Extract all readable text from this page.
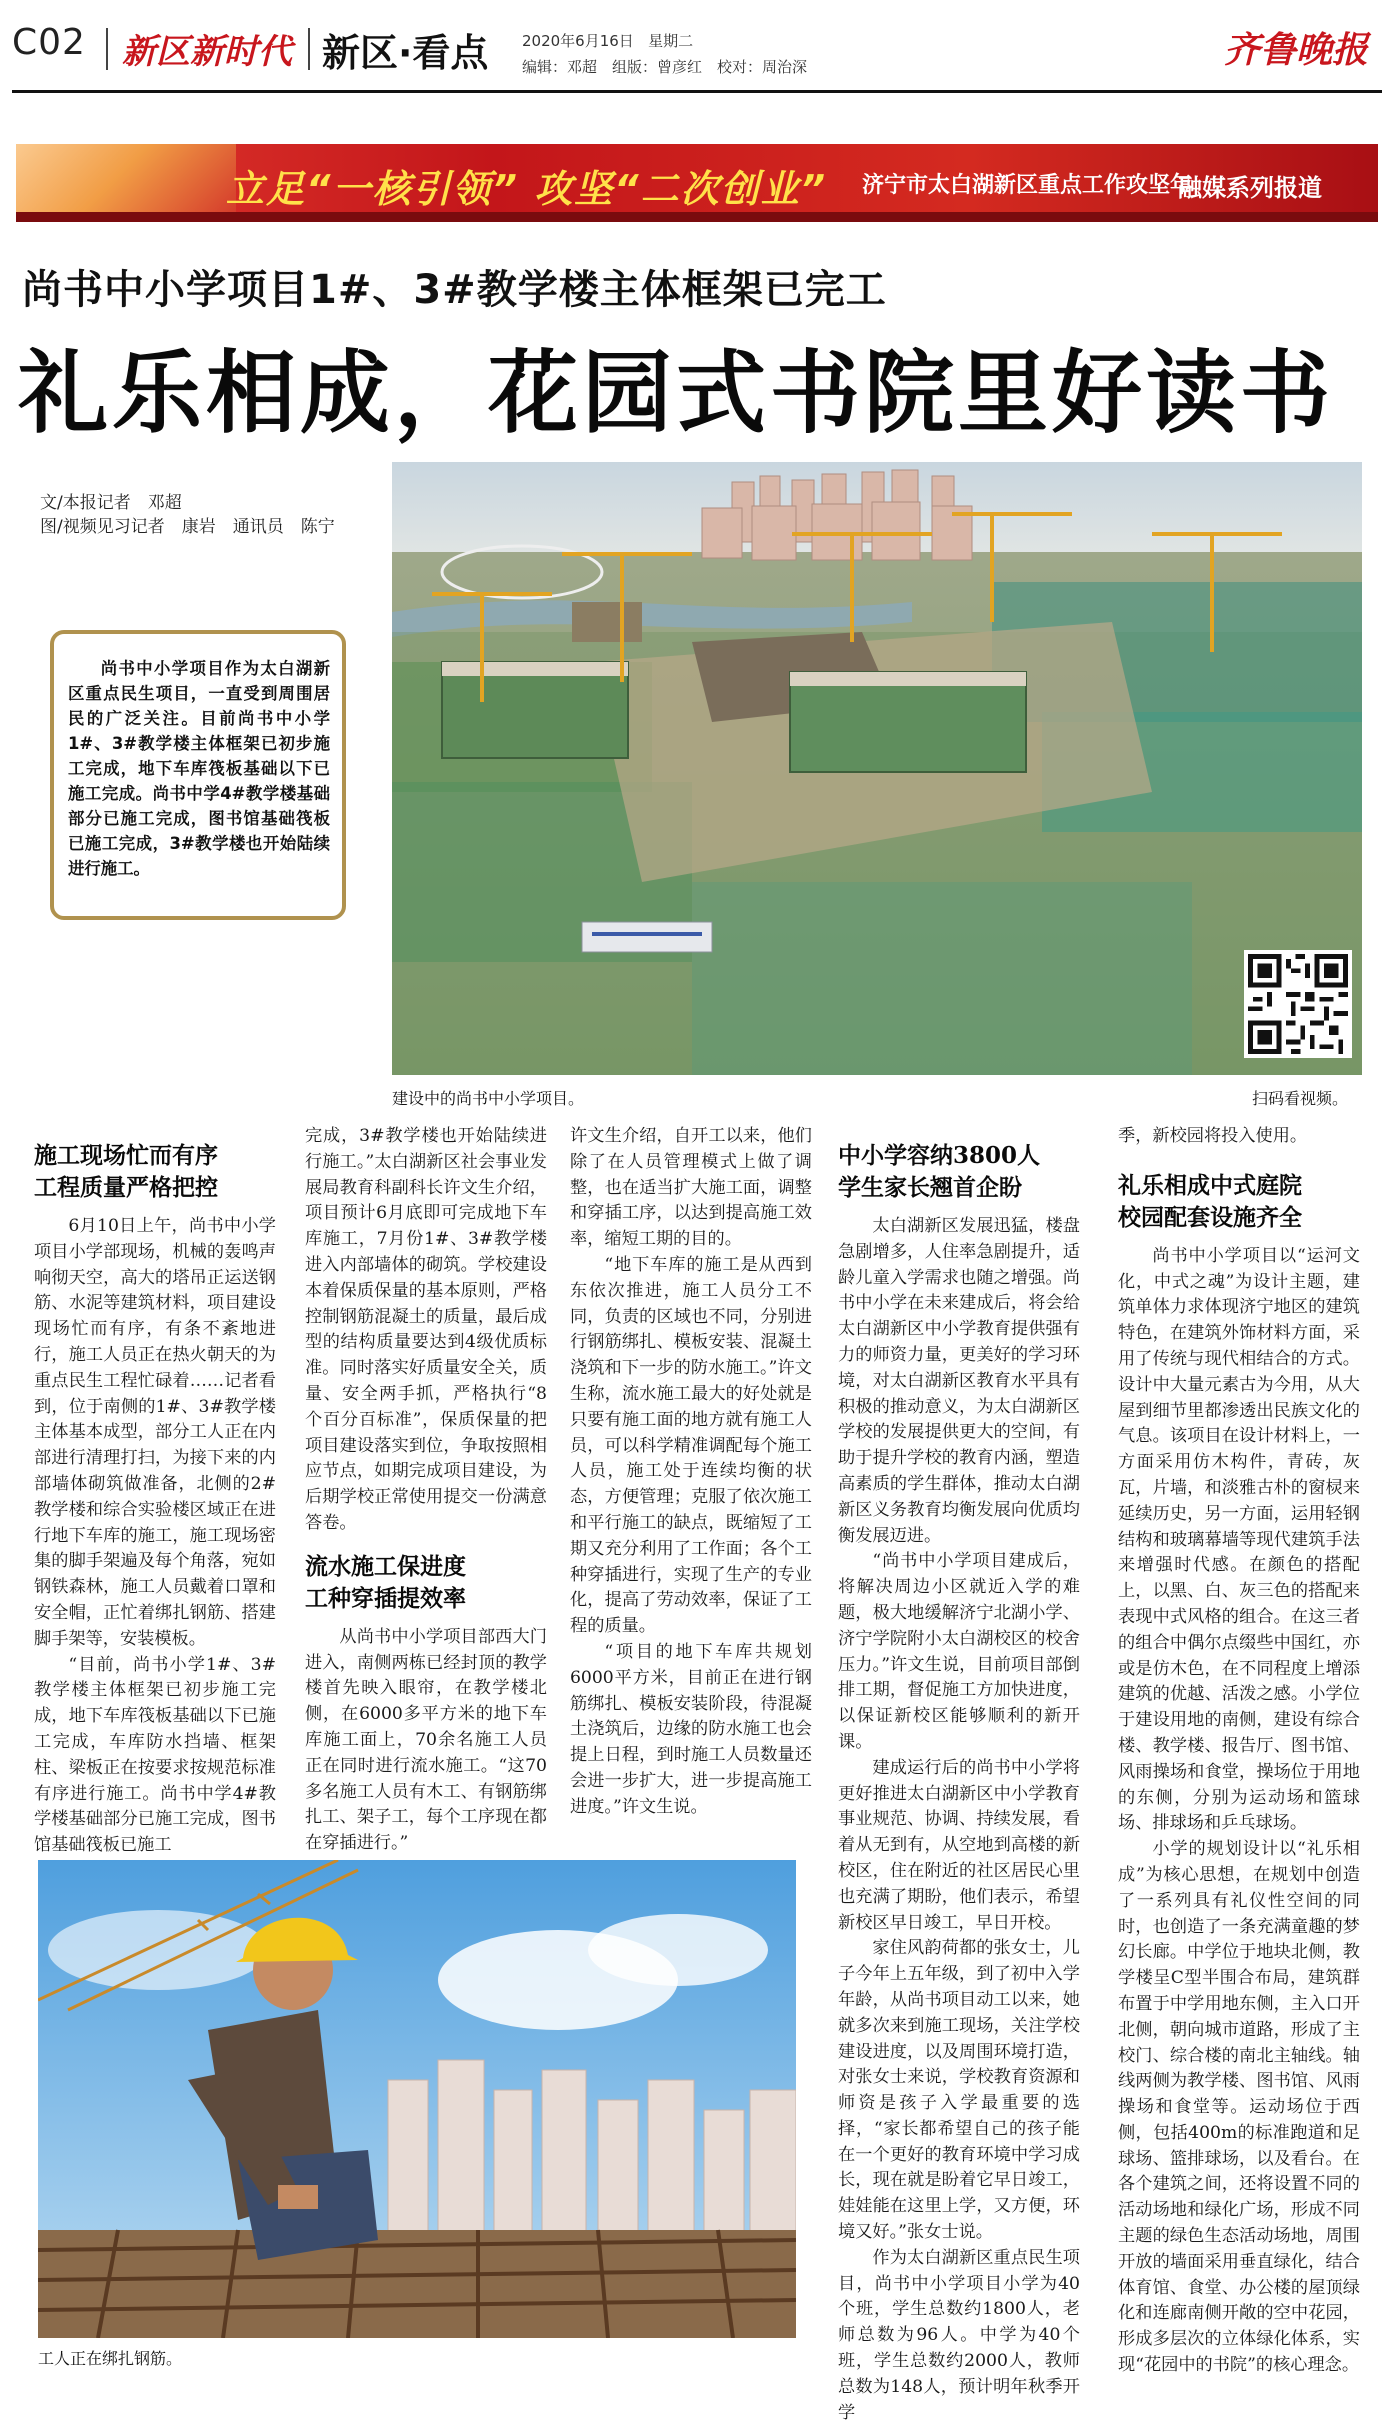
C02 新区新时代 新区·看点 2020年6月16日 星期二
编辑：邓超　组版：曾彦红　校对：周治深	齐鲁晚报
立足“一核引领” 攻坚“二次创业” 济宁市太白湖新区重点工作攻坚年
融媒系列报道
尚书中小学项目1#、3#教学楼主体框架已完工
礼乐相成，花园式书院里好读书
文/本报记者　邓超
图/视频见习记者　康岩　通讯员　陈宁
尚书中小学项目作为太白湖新区重点民生项目，一直受到周围居民的广泛关注。目前尚书中小学1#、3#教学楼主体框架已初步施工完成，地下车库筏板基础以下已施工完成。尚书中学4#教学楼基础部分已施工完成，图书馆基础筏板已施工完成，3#教学楼也开始陆续进行施工。
建设中的尚书中小学项目。	扫码看视频。
施工现场忙而有序
工程质量严格把控

6月10日上午，尚书中小学项目小学部现场，机械的轰鸣声响彻天空，高大的塔吊正运送钢筋、水泥等建筑材料，项目建设现场忙而有序，有条不紊地进行，施工人员正在热火朝天的为重点民生工程忙碌着……记者看到，位于南侧的1#、3#教学楼主体基本成型，部分工人正在内部进行清理打扫，为接下来的内部墙体砌筑做准备，北侧的2#教学楼和综合实验楼区域正在进行地下车库的施工，施工现场密集的脚手架遍及每个角落，宛如钢铁森林，施工人员戴着口罩和安全帽，正忙着绑扎钢筋、搭建脚手架等，安装模板。

“目前，尚书小学1#、3#教学楼主体框架已初步施工完成，地下车库筏板基础以下已施工完成，车库防水挡墙、框架柱、梁板正在按要求按规范标准有序进行施工。尚书中学4#教学楼基础部分已施工完成，图书馆基础筏板已施工

完成，3#教学楼也开始陆续进行施工。”太白湖新区社会事业发展局教育科副科长许文生介绍，项目预计6月底即可完成地下车库施工，7月份1#、3#教学楼进入内部墙体的砌筑。学校建设本着保质保量的基本原则，严格控制钢筋混凝土的质量，最后成型的结构质量要达到4级优质标准。同时落实好质量安全关，质量、安全两手抓，严格执行“8个百分百标准”，保质保量的把项目建设落实到位，争取按照相应节点，如期完成项目建设，为后期学校正常使用提交一份满意答卷。

流水施工保进度
工种穿插提效率

从尚书中小学项目部西大门进入，南侧两栋已经封顶的教学楼首先映入眼帘，在教学楼北侧，在6000多平方米的地下车库施工面上，70余名施工人员正在同时进行流水施工。“这70多名施工人员有木工、有钢筋绑扎工、架子工，每个工序现在都在穿插进行。”

许文生介绍，自开工以来，他们除了在人员管理模式上做了调整，也在适当扩大施工面，调整和穿插工序，以达到提高施工效率，缩短工期的目的。

“地下车库的施工是从西到东依次推进，施工人员分工不同，负责的区域也不同，分别进行钢筋绑扎、模板安装、混凝土浇筑和下一步的防水施工。”许文生称，流水施工最大的好处就是只要有施工面的地方就有施工人员，可以科学精准调配每个施工人员，施工处于连续均衡的状态，方便管理；克服了依次施工和平行施工的缺点，既缩短了工期又充分利用了工作面；各个工种穿插进行，实现了生产的专业化，提高了劳动效率，保证了工程的质量。

“项目的地下车库共规划6000平方米，目前正在进行钢筋绑扎、模板安装阶段，待混凝土浇筑后，边缘的防水施工也会提上日程，到时施工人员数量还会进一步扩大，进一步提高施工进度。”许文生说。

工人正在绑扎钢筋。
中小学容纳3800人
学生家长翘首企盼

太白湖新区发展迅猛，楼盘急剧增多，人住率急剧提升，适龄儿童入学需求也随之增强。尚书中小学在未来建成后，将会给太白湖新区中小学教育提供强有力的师资力量，更美好的学习环境，对太白湖新区教育水平具有积极的推动意义，为太白湖新区学校的发展提供更大的空间，有助于提升学校的教育内涵，塑造高素质的学生群体，推动太白湖新区义务教育均衡发展向优质均衡发展迈进。

“尚书中小学项目建成后，将解决周边小区就近入学的难题，极大地缓解济宁北湖小学、济宁学院附小太白湖校区的校舍压力。”许文生说，目前项目部倒排工期，督促施工方加快进度，以保证新校区能够顺利的新开课。

建成运行后的尚书中小学将更好推进太白湖新区中小学教育事业规范、协调、持续发展，看着从无到有，从空地到高楼的新校区，住在附近的社区居民心里也充满了期盼，他们表示，希望新校区早日竣工，早日开校。

家住风韵荷都的张女士，儿子今年上五年级，到了初中入学年龄，从尚书项目动工以来，她就多次来到施工现场，关注学校建设进度，以及周围环境打造，对张女士来说，学校教育资源和师资是孩子入学最重要的选择，“家长都希望自己的孩子能在一个更好的教育环境中学习成长，现在就是盼着它早日竣工，娃娃能在这里上学，又方便，环境又好。”张女士说。

作为太白湖新区重点民生项目，尚书中小学项目小学为40个班，学生总数约1800人，老师总数为96人。中学为40个班，学生总数约2000人，教师总数为148人，预计明年秋季开学

季，新校园将投入使用。

礼乐相成中式庭院
校园配套设施齐全

尚书中小学项目以“运河文化，中式之魂”为设计主题，建筑单体力求体现济宁地区的建筑特色，在建筑外饰材料方面，采用了传统与现代相结合的方式。设计中大量元素古为今用，从大屋到细节里都渗透出民族文化的气息。该项目在设计材料上，一方面采用仿木构件，青砖，灰瓦，片墙，和淡雅古朴的窗棂来延续历史，另一方面，运用轻钢结构和玻璃幕墙等现代建筑手法来增强时代感。在颜色的搭配上，以黑、白、灰三色的搭配来表现中式风格的组合。在这三者的组合中偶尔点缀些中国红，亦或是仿木色，在不同程度上增添建筑的优越、活泼之感。小学位于建设用地的南侧，建设有综合楼、教学楼、报告厅、图书馆、风雨操场和食堂，操场位于用地的东侧，分别为运动场和篮球场、排球场和乒乓球场。

小学的规划设计以“礼乐相成”为核心思想，在规划中创造了一系列具有礼仪性空间的同时，也创造了一条充满童趣的梦幻长廊。中学位于地块北侧，教学楼呈C型半围合布局，建筑群布置于中学用地东侧，主入口开北侧，朝向城市道路，形成了主校门、综合楼的南北主轴线。轴线两侧为教学楼、图书馆、风雨操场和食堂等。运动场位于西侧，包括400m的标准跑道和足球场、篮排球场，以及看台。在各个建筑之间，还将设置不同的活动场地和绿化广场，形成不同主题的绿色生态活动场地，周围开放的墙面采用垂直绿化，结合体育馆、食堂、办公楼的屋顶绿化和连廊南侧开敞的空中花园，形成多层次的立体绿化体系，实现“花园中的书院”的核心理念。
